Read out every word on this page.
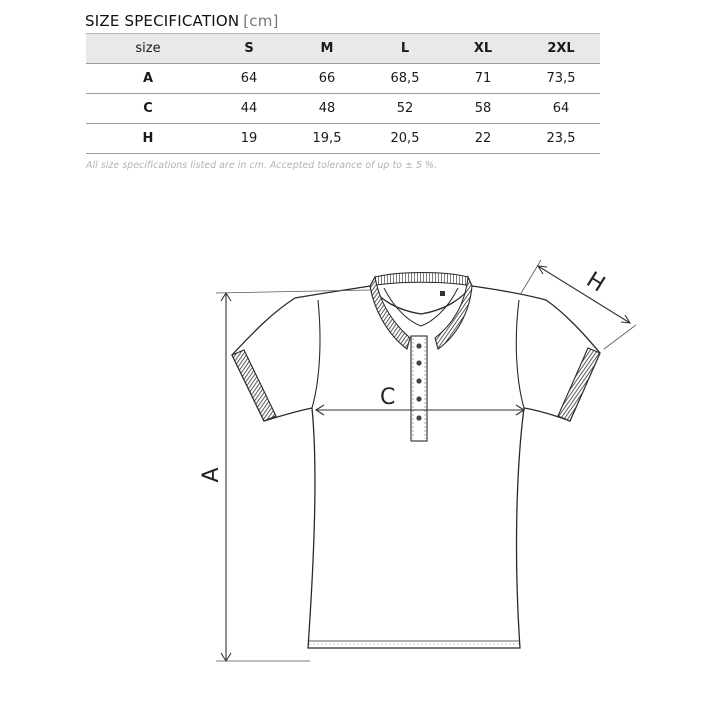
SIZE SPECIFICATION [cm]
size	S	M	L	XL	2XL
A	64	66	68,5	71	73,5
C	44	48	52	58	64
H	19	19,5	20,5	22	23,5
All size specifications listed are in cm. Accepted tolerance of up to ± 5 %.
A
C
H
